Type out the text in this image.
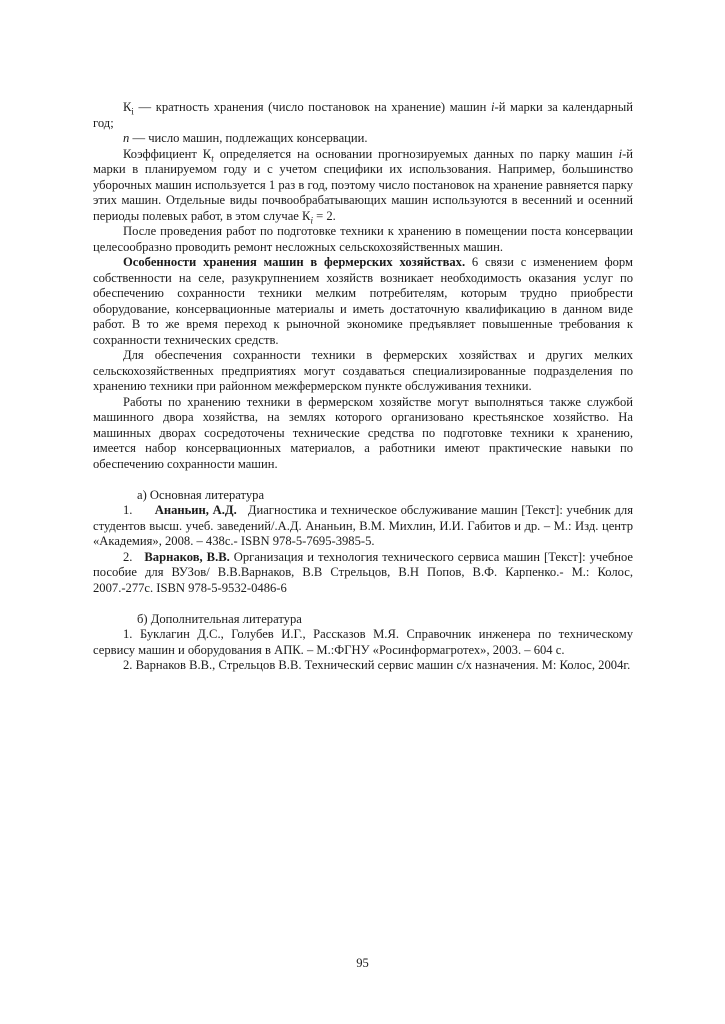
$К_i$ — кратность хранения (число постановок на хранение) машин i-й марки за календарный год;

n — число машин, подлежащих консервации.

Коэффициент $К_t$ определяется на основании прогнозируемых данных по парку машин i-й марки в планируемом году и с учетом специфики их использования. Например, большинство уборочных машин используется 1 раз в год, поэтому число постановок на хранение равняется парку этих машин. Отдельные виды почвообрабатывающих машин используются в весенний и осенний периоды полевых работ, в этом случае $К_i = 2$.

После проведения работ по подготовке техники к хранению в помещении поста консервации целесообразно проводить ремонт несложных сельскохозяйственных машин.

Особенности хранения машин в фермерских хозяйствах. 6 связи с изменением форм собственности на селе, разукрупнением хозяйств возникает необходимость оказания услуг по обеспечению сохранности техники мелким потребителям, которым трудно приобрести оборудование, консервационные материалы и иметь достаточную квалификацию в данном виде работ. В то же время переход к рыночной экономике предъявляет повышенные требования к сохранности технических средств.

Для обеспечения сохранности техники в фермерских хозяйствах и других мелких сельскохозяйственных предприятиях могут создаваться специализированные подразделения по хранению техники при районном межфермерском пункте обслуживания техники.

Работы по хранению техники в фермерском хозяйстве могут выполняться также службой машинного двора хозяйства, на землях которого организовано крестьянское хозяйство. На машинных дворах сосредоточены технические средства по подготовке техники к хранению, имеется набор консервационных материалов, а работники имеют практические навыки по обеспечению сохранности машин.

а) Основная литература

1.      Ананьин, А.Д.   Диагностика и техническое обслуживание машин [Текст]: учебник для студентов высш. учеб. заведений/.А.Д. Ананьин, В.М. Михлин, И.И. Габитов и др. – М.: Изд. центр «Академия», 2008. – 438с.- ISBN 978-5-7695-3985-5.

2.   Варнаков, В.В. Организация и технология технического сервиса машин [Текст]: учебное пособие для ВУЗов/ В.В.Варнаков, В.В Стрельцов, В.Н Попов, В.Ф. Карпенко.- М.: Колос, 2007.-277с. ISBN 978-5-9532-0486-6

б) Дополнительная литература

1. Буклагин Д.С., Голубев И.Г., Рассказов М.Я. Справочник инженера по техническому сервису машин и оборудования в АПК. – М.:ФГНУ «Росинформагротех», 2003. – 604 с.

2. Варнаков В.В., Стрельцов В.В. Технический сервис машин с/х назначения. М: Колос, 2004г.

95
